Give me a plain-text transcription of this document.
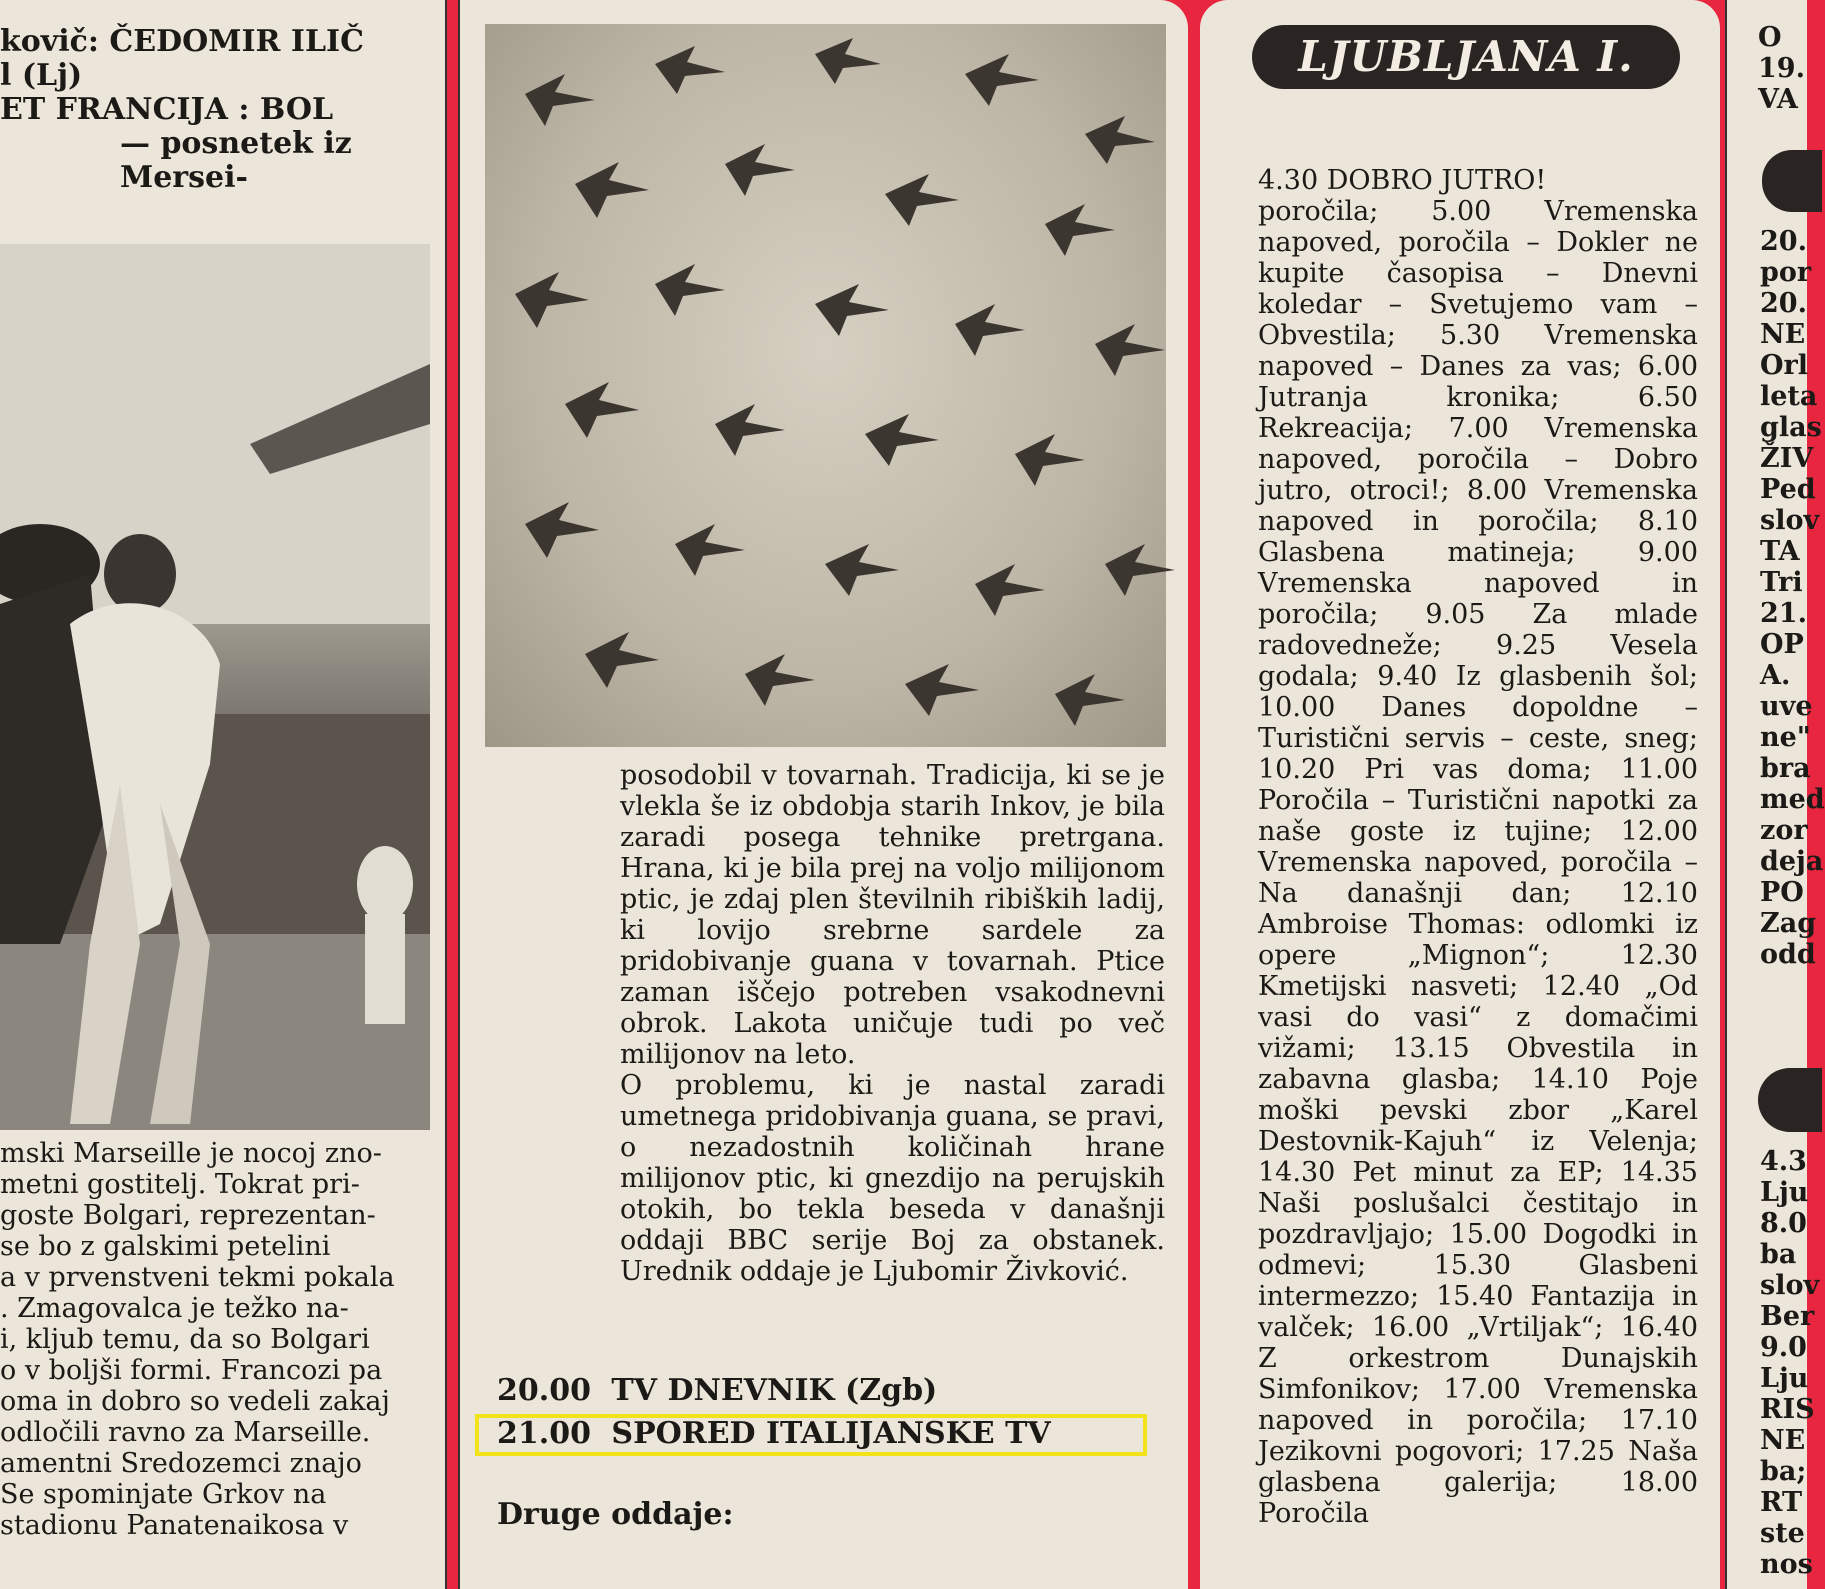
kovič: ČEDOMIR ILIČ
l (Lj)
ET FRANCIJA : BOL
— posnetek iz Mersei-

mski Marseille je nocoj zno-

metni gostitelj. Tokrat pri-

goste Bolgari, reprezentan-

se bo z galskimi petelini

a v prvenstveni tekmi pokala

. Zmagovalca je težko na-

i, kljub temu, da so Bolgari

o v boljši formi. Francozi pa

oma in dobro so vedeli zakaj

odločili ravno za Marseille.

amentni Sredozemci znajo

Se spominjate Grkov na

stadionu Panatenaikosa v

posodobil v tovarnah. Tradicija, ki se je vlekla še iz obdobja starih Inkov, je bila zaradi posega tehnike pretrgana. Hrana, ki je bila prej na voljo milijonom ptic, je zdaj plen številnih ribiških ladij, ki lovijo srebrne sardele za pridobivanje guana v tovarnah. Ptice zaman iščejo potreben vsakodnevni obrok. Lakota uničuje tudi po več milijonov na leto.

O problemu, ki je nastal zaradi umetnega pridobivanja guana, se pravi, o nezadostnih količinah hrane milijonov ptic, ki gnezdijo na perujskih otokih, bo tekla beseda v današnji oddaji BBC serije Boj za obstanek. Urednik oddaje je Ljubomir Živković.

20.00 TV DNEVNIK (Zgb)
21.00 SPORED ITALIJANSKE TV
Druge oddaje:
LJUBLJANA I.
4.30 DOBRO JUTRO!

poročila; 5.00 Vremenska napoved, poročila – Dokler ne kupite časopisa – Dnevni koledar – Svetujemo vam – Obvestila; 5.30 Vremenska napoved – Danes za vas; 6.00 Jutranja kronika; 6.50 Rekreacija; 7.00 Vremenska napoved, poročila – Dobro jutro, otroci!; 8.00 Vremenska napoved in poročila; 8.10 Glasbena matineja; 9.00 Vremenska napoved in poročila; 9.05 Za mlade radovedneže; 9.25 Vesela godala; 9.40 Iz glasbenih šol; 10.00 Danes dopoldne – Turistični servis – ceste, sneg; 10.20 Pri vas doma; 11.00 Poročila – Turistični napotki za naše goste iz tujine; 12.00 Vremenska napoved, poročila – Na današnji dan; 12.10 Ambroise Thomas: odlomki iz opere „Mignon“; 12.30 Kmetijski nasveti; 12.40 „Od vasi do vasi“ z domačimi vižami; 13.15 Obvestila in zabavna glasba; 14.10 Poje moški pevski zbor „Karel Destovnik-Kajuh“ iz Velenja; 14.30 Pet minut za EP; 14.35 Naši poslušalci čestitajo in pozdravljajo; 15.00 Dogodki in odmevi; 15.30 Glasbeni intermezzo; 15.40 Fantazija in valček; 16.00 „Vrtiljak“; 16.40 Z orkestrom Dunajskih Simfonikov; 17.00 Vremenska napoved in poročila; 17.10 Jezikovni pogovori; 17.25 Naša glasbena galerija; 18.00 Poročila

O
19.
VA
20.
por
20.
NE
Orl
leta
glas
ŽIV
Ped
slov
TA
Tri
21.
OP
A.
uve
ne"
bra
med
zor
deja
PO
Zag
odd
4.3
Lju
8.0
ba
slov
Ber
9.0
Lju
RIS
NE
ba;
RT
ste
nos
